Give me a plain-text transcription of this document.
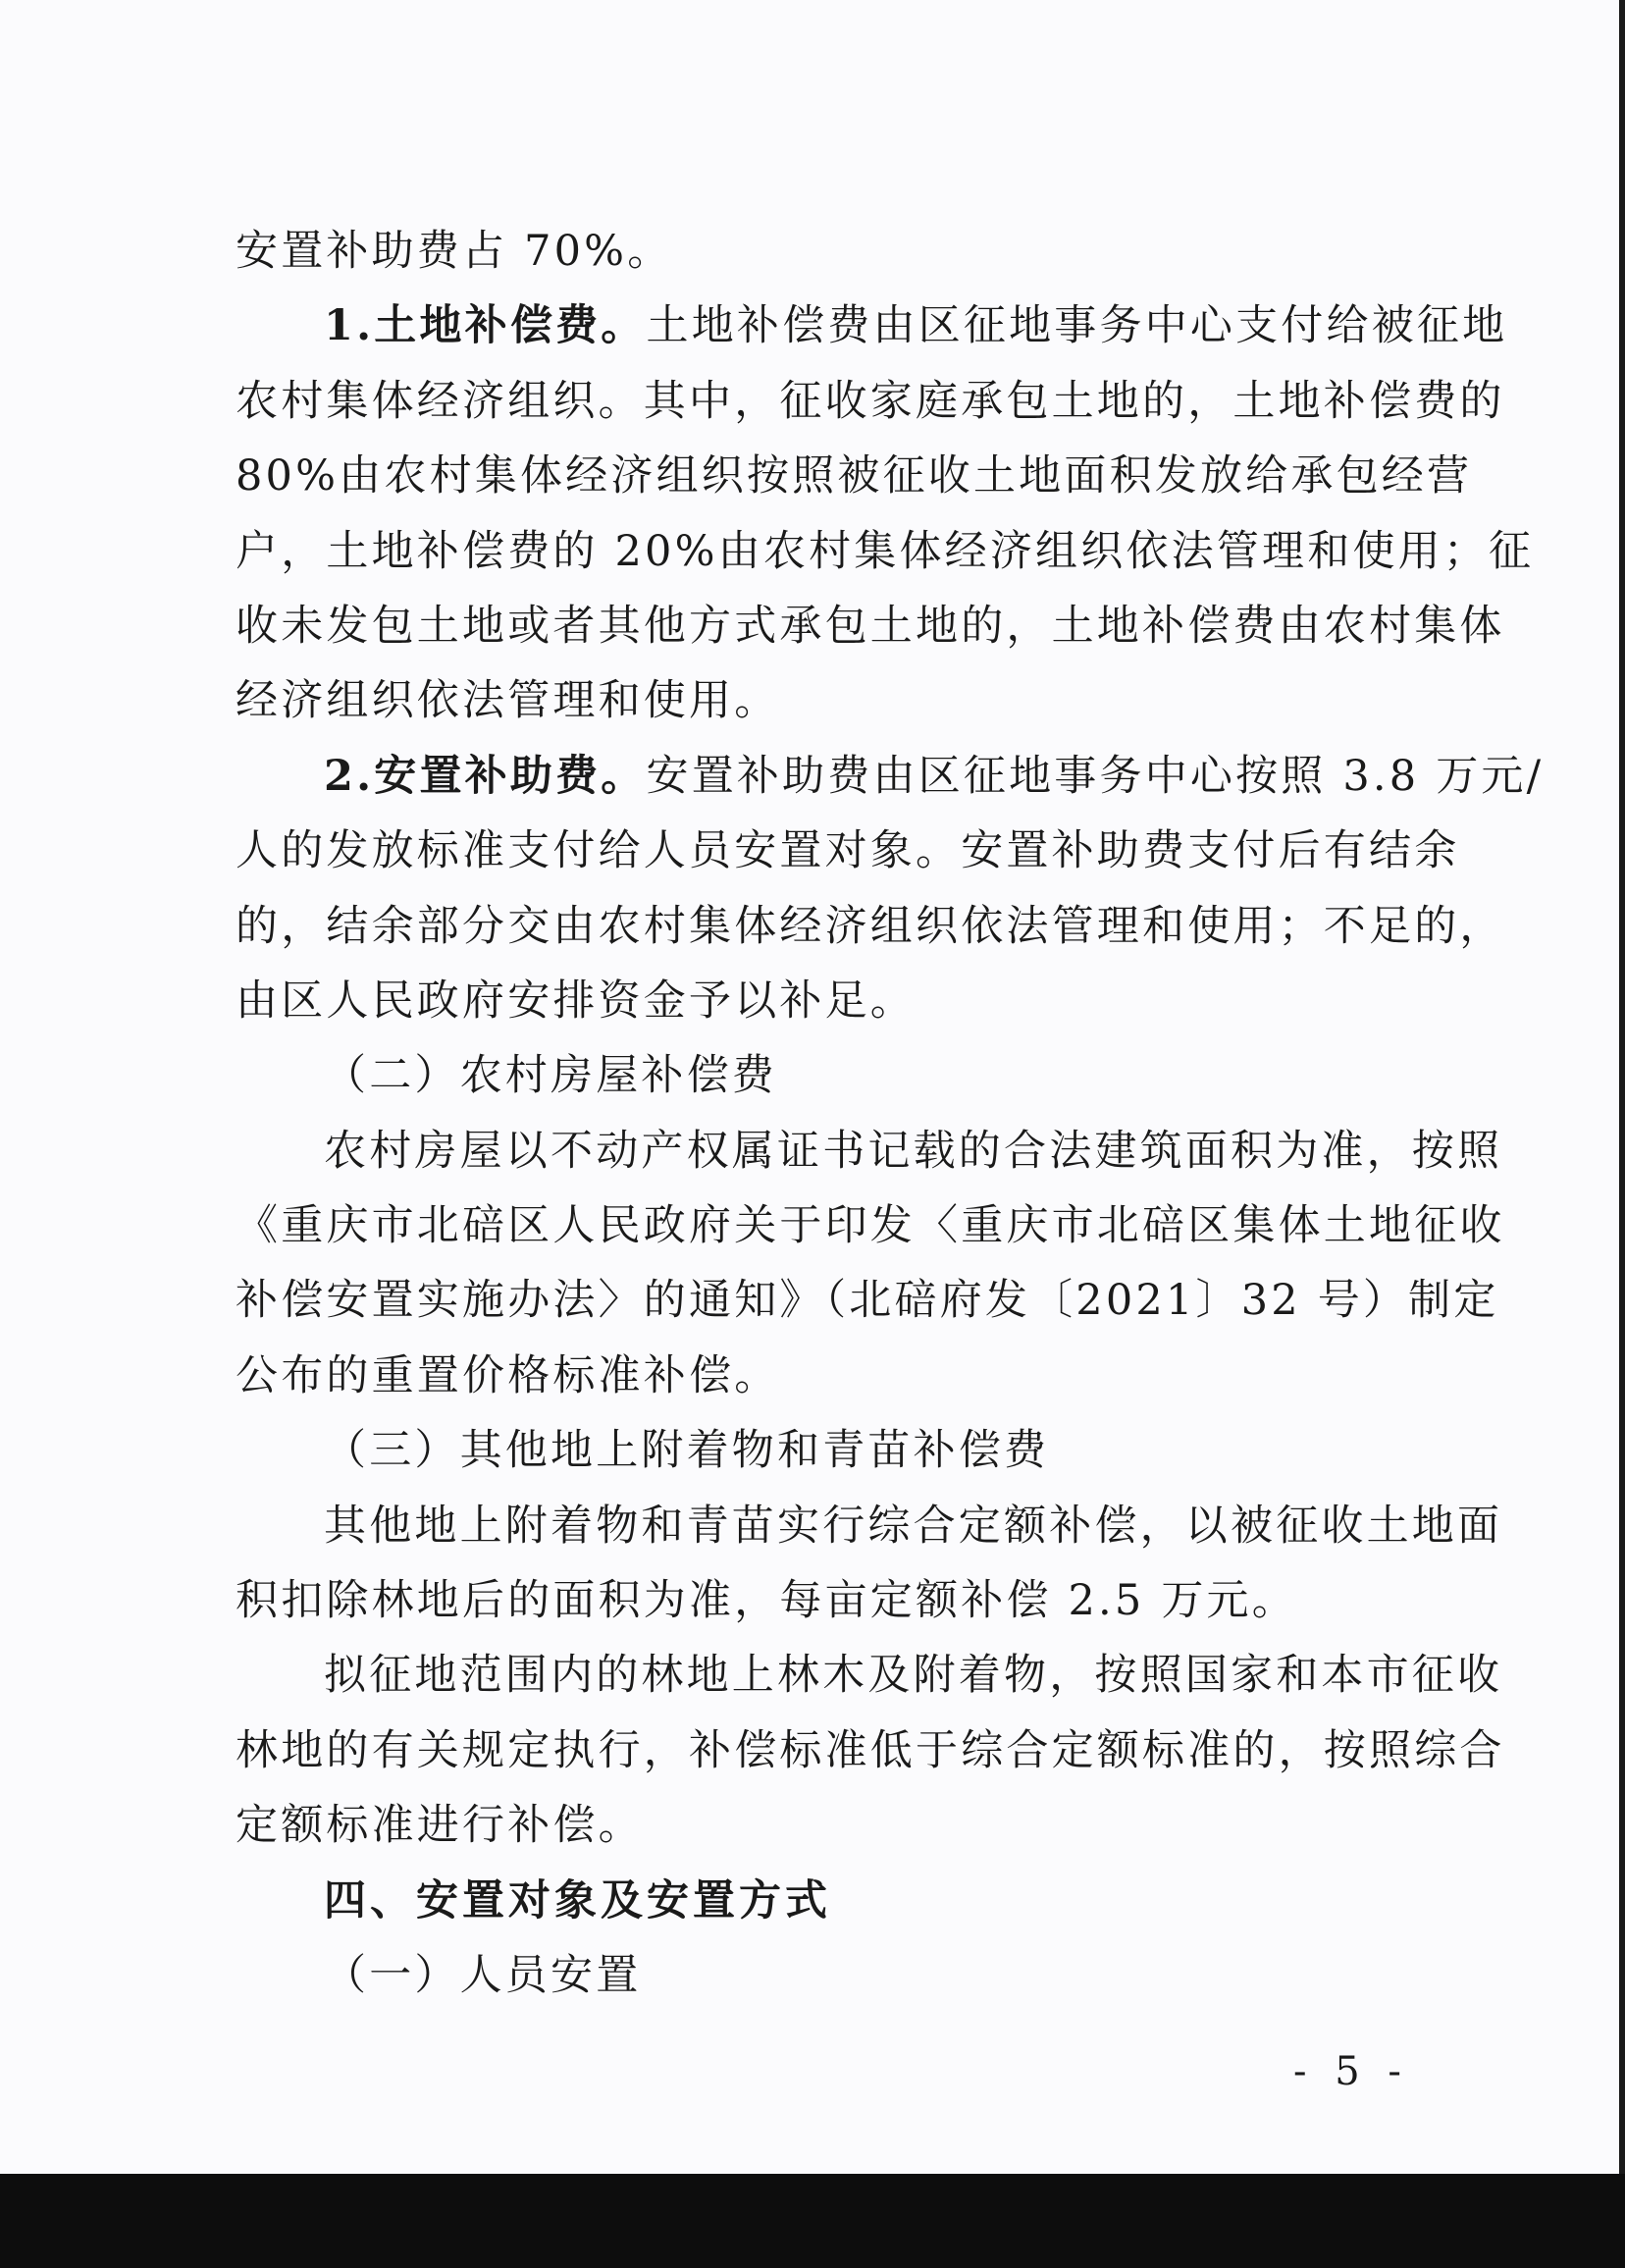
安置补助费占 70%。
1.土地补偿费。土地补偿费由区征地事务中心支付给被征地
农村集体经济组织。其中，征收家庭承包土地的，土地补偿费的
80%由农村集体经济组织按照被征收土地面积发放给承包经营
户，土地补偿费的 20%由农村集体经济组织依法管理和使用；征
收未发包土地或者其他方式承包土地的，土地补偿费由农村集体
经济组织依法管理和使用。
2.安置补助费。安置补助费由区征地事务中心按照 3.8 万元/
人的发放标准支付给人员安置对象。安置补助费支付后有结余
的，结余部分交由农村集体经济组织依法管理和使用；不足的，
由区人民政府安排资金予以补足。
（二）农村房屋补偿费
农村房屋以不动产权属证书记载的合法建筑面积为准，按照
《重庆市北碚区人民政府关于印发〈重庆市北碚区集体土地征收
补偿安置实施办法〉的通知》（北碚府发〔2021〕32 号）制定
公布的重置价格标准补偿。
（三）其他地上附着物和青苗补偿费
其他地上附着物和青苗实行综合定额补偿，以被征收土地面
积扣除林地后的面积为准，每亩定额补偿 2.5 万元。
拟征地范围内的林地上林木及附着物，按照国家和本市征收
林地的有关规定执行，补偿标准低于综合定额标准的，按照综合
定额标准进行补偿。
四、安置对象及安置方式
（一）人员安置
- 5 -
